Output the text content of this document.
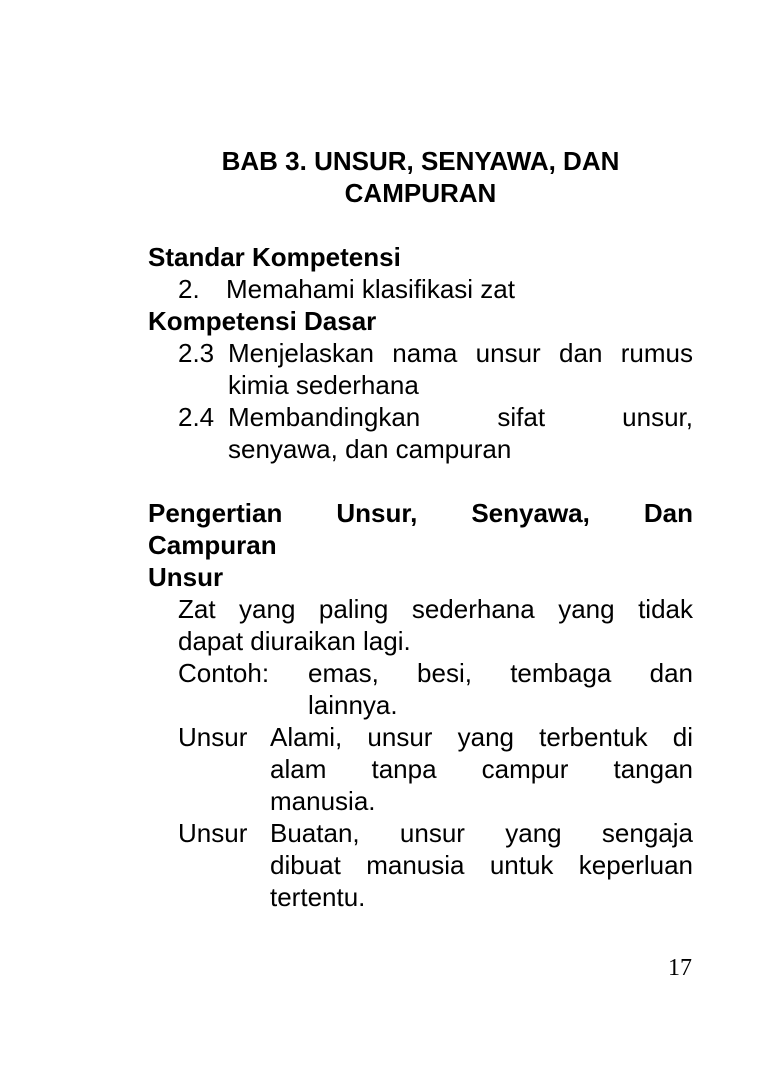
BAB 3. UNSUR, SENYAWA, DAN
CAMPURAN
Standar Kompetensi
2.	Memahami klasifikasi zat
Kompetensi Dasar
2.3 Menjelaskan nama unsur dan rumus
kimia sederhana
2.4 Membandingkan sifat unsur,
senyawa, dan campuran
Pengertian Unsur, Senyawa, Dan
Campuran
Unsur
Zat yang paling sederhana yang tidak
dapat diuraikan lagi.
Contoh:	emas, besi, tembaga dan
lainnya.
Unsur Alami, unsur yang terbentuk di
alam tanpa campur tangan
manusia.
Unsur Buatan, unsur yang sengaja
dibuat manusia untuk keperluan
tertentu.
17
